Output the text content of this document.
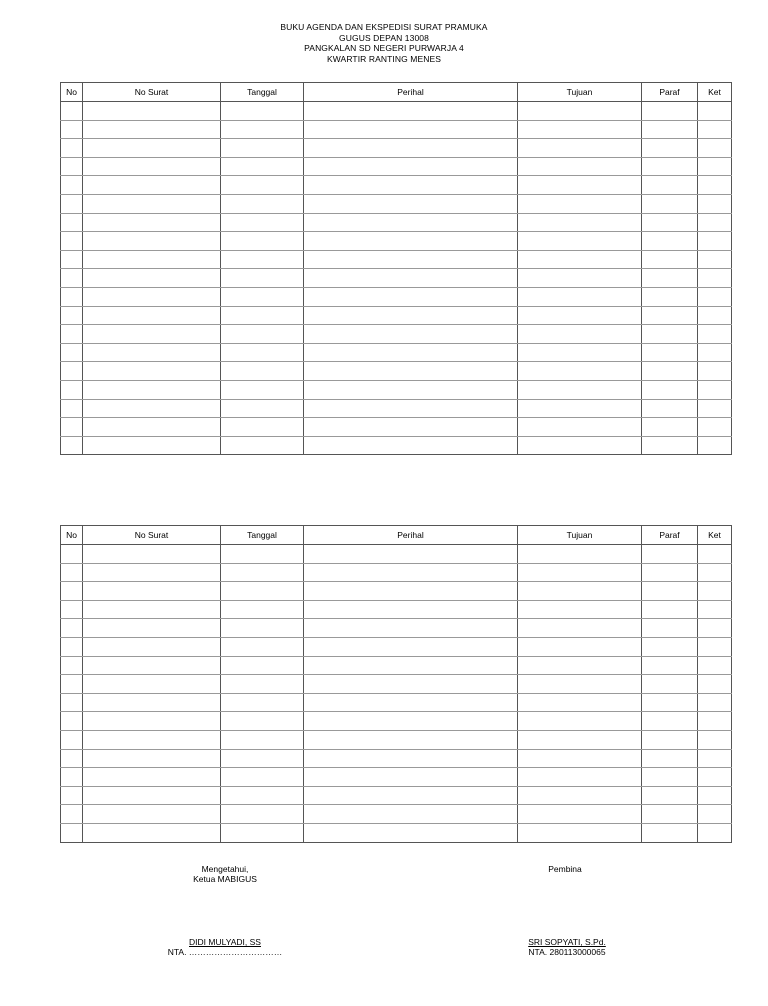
BUKU AGENDA DAN EKSPEDISI SURAT PRAMUKA
GUGUS DEPAN 13008
PANGKALAN SD NEGERI PURWARJA 4
KWARTIR RANTING MENES
No	No Surat	Tanggal	Perihal	Tujuan	Paraf	Ket

No	No Surat	Tanggal	Perihal	Tujuan	Paraf	Ket

Mengetahui,
Ketua MABIGUS
Pembina
DIDI MULYADI, SS
NTA. ……………………………
SRI SOPYATI, S.Pd.
NTA. 280113000065
